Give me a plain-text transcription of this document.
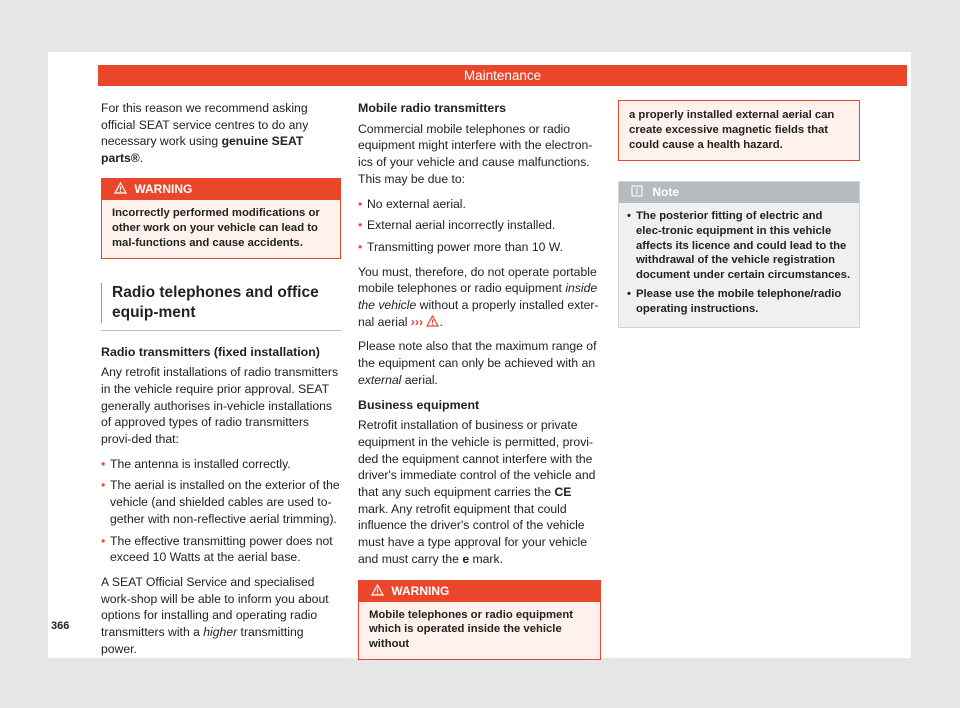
Maintenance

For this reason we recommend asking official SEAT service centres to do any necessary work using genuine SEAT parts®.

WARNING
Incorrectly performed modifications or other work on your vehicle can lead to mal-functions and cause accidents.
Radio telephones and office equip-ment
Radio transmitters (fixed installation)

Any retrofit installations of radio transmitters in the vehicle require prior approval. SEAT generally authorises in-vehicle installations of approved types of radio transmitters provi-ded that:

• The antenna is installed correctly.
• The aerial is installed on the exterior of the vehicle (and shielded cables are used to-gether with non-reflective aerial trimming).
• The effective transmitting power does not exceed 10 Watts at the aerial base.

A SEAT Official Service and specialised work-shop will be able to inform you about options for installing and operating radio transmitters with a higher transmitting power.

Mobile radio transmitters

Commercial mobile telephones or radio equipment might interfere with the electron-ics of your vehicle and cause malfunctions. This may be due to:

• No external aerial.
• External aerial incorrectly installed.
• Transmitting power more than 10 W.

You must, therefore, do not operate portable mobile telephones or radio equipment inside the vehicle without a properly installed exter-nal aerial ››› .

Please note also that the maximum range of the equipment can only be achieved with an external aerial.

Business equipment

Retrofit installation of business or private equipment in the vehicle is permitted, provi-ded the equipment cannot interfere with the driver's immediate control of the vehicle and that any such equipment carries the CE mark. Any retrofit equipment that could influence the driver's control of the vehicle must have a type approval for your vehicle and must carry the e mark.

WARNING
Mobile telephones or radio equipment which is operated inside the vehicle without
a properly installed external aerial can create excessive magnetic fields that could cause a health hazard.
Note
• The posterior fitting of electric and elec-tronic equipment in this vehicle affects its licence and could lead to the withdrawal of the vehicle registration document under certain circumstances.
• Please use the mobile telephone/radio operating instructions.
366
